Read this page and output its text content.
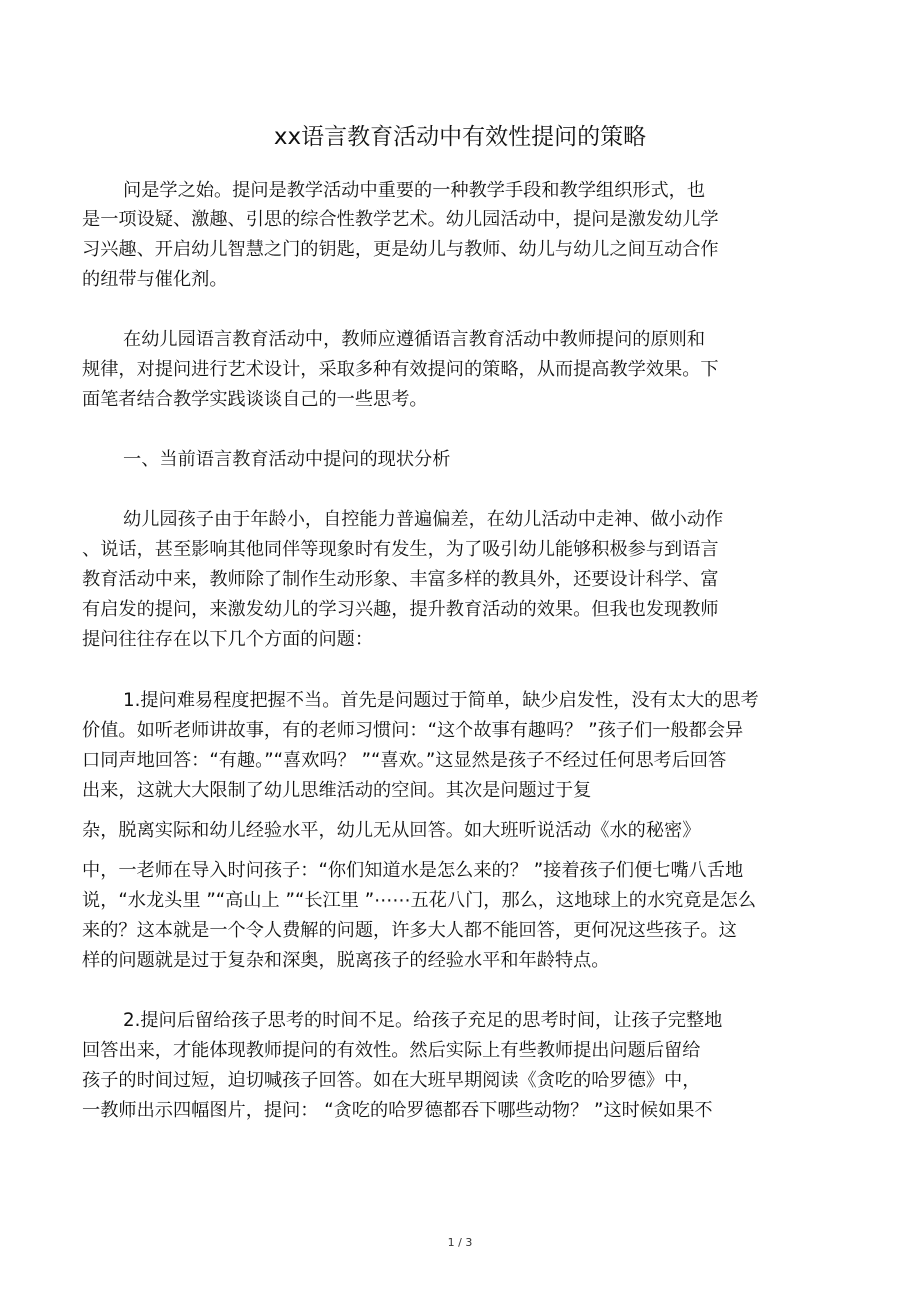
xx语言教育活动中有效性提问的策略

问是学之始。提问是教学活动中重要的一种教学手段和教学组织形式，也

是一项设疑、激趣、引思的综合性教学艺术。幼儿园活动中，提问是激发幼儿学

习兴趣、开启幼儿智慧之门的钥匙，更是幼儿与教师、幼儿与幼儿之间互动合作

的纽带与催化剂。

在幼儿园语言教育活动中，教师应遵循语言教育活动中教师提问的原则和

规律，对提问进行艺术设计，采取多种有效提问的策略，从而提高教学效果。下

面笔者结合教学实践谈谈自己的一些思考。

一、当前语言教育活动中提问的现状分析

幼儿园孩子由于年龄小，自控能力普遍偏差，在幼儿活动中走神、做小动作

、说话，甚至影响其他同伴等现象时有发生，为了吸引幼儿能够积极参与到语言

教育活动中来，教师除了制作生动形象、丰富多样的教具外，还要设计科学、富

有启发的提问，来激发幼儿的学习兴趣，提升教育活动的效果。但我也发现教师

提问往往存在以下几个方面的问题：

1.提问难易程度把握不当。首先是问题过于简单，缺少启发性，没有太大的思考

价值。如听老师讲故事，有的老师习惯问：“这个故事有趣吗？ ”孩子们一般都会异

口同声地回答：“有趣。”“喜欢吗？ ”“喜欢。”这显然是孩子不经过任何思考后回答

出来，这就大大限制了幼儿思维活动的空间。其次是问题过于复

杂，脱离实际和幼儿经验水平，幼儿无从回答。如大班听说活动《水的秘密》

中，一老师在导入时问孩子：“你们知道水是怎么来的？ ”接着孩子们便七嘴八舌地

说，“水龙头里 ”“高山上 ”“长江里 ”⋯⋯五花八门，那么，这地球上的水究竟是怎么

来的？这本就是一个令人费解的问题，许多大人都不能回答，更何况这些孩子。这

样的问题就是过于复杂和深奥，脱离孩子的经验水平和年龄特点。

2.提问后留给孩子思考的时间不足。给孩子充足的思考时间，让孩子完整地

回答出来，才能体现教师提问的有效性。然后实际上有些教师提出问题后留给

孩子的时间过短，迫切喊孩子回答。如在大班早期阅读《贪吃的哈罗德》中，

一教师出示四幅图片，提问： “贪吃的哈罗德都吞下哪些动物？ ”这时候如果不

1 / 3
